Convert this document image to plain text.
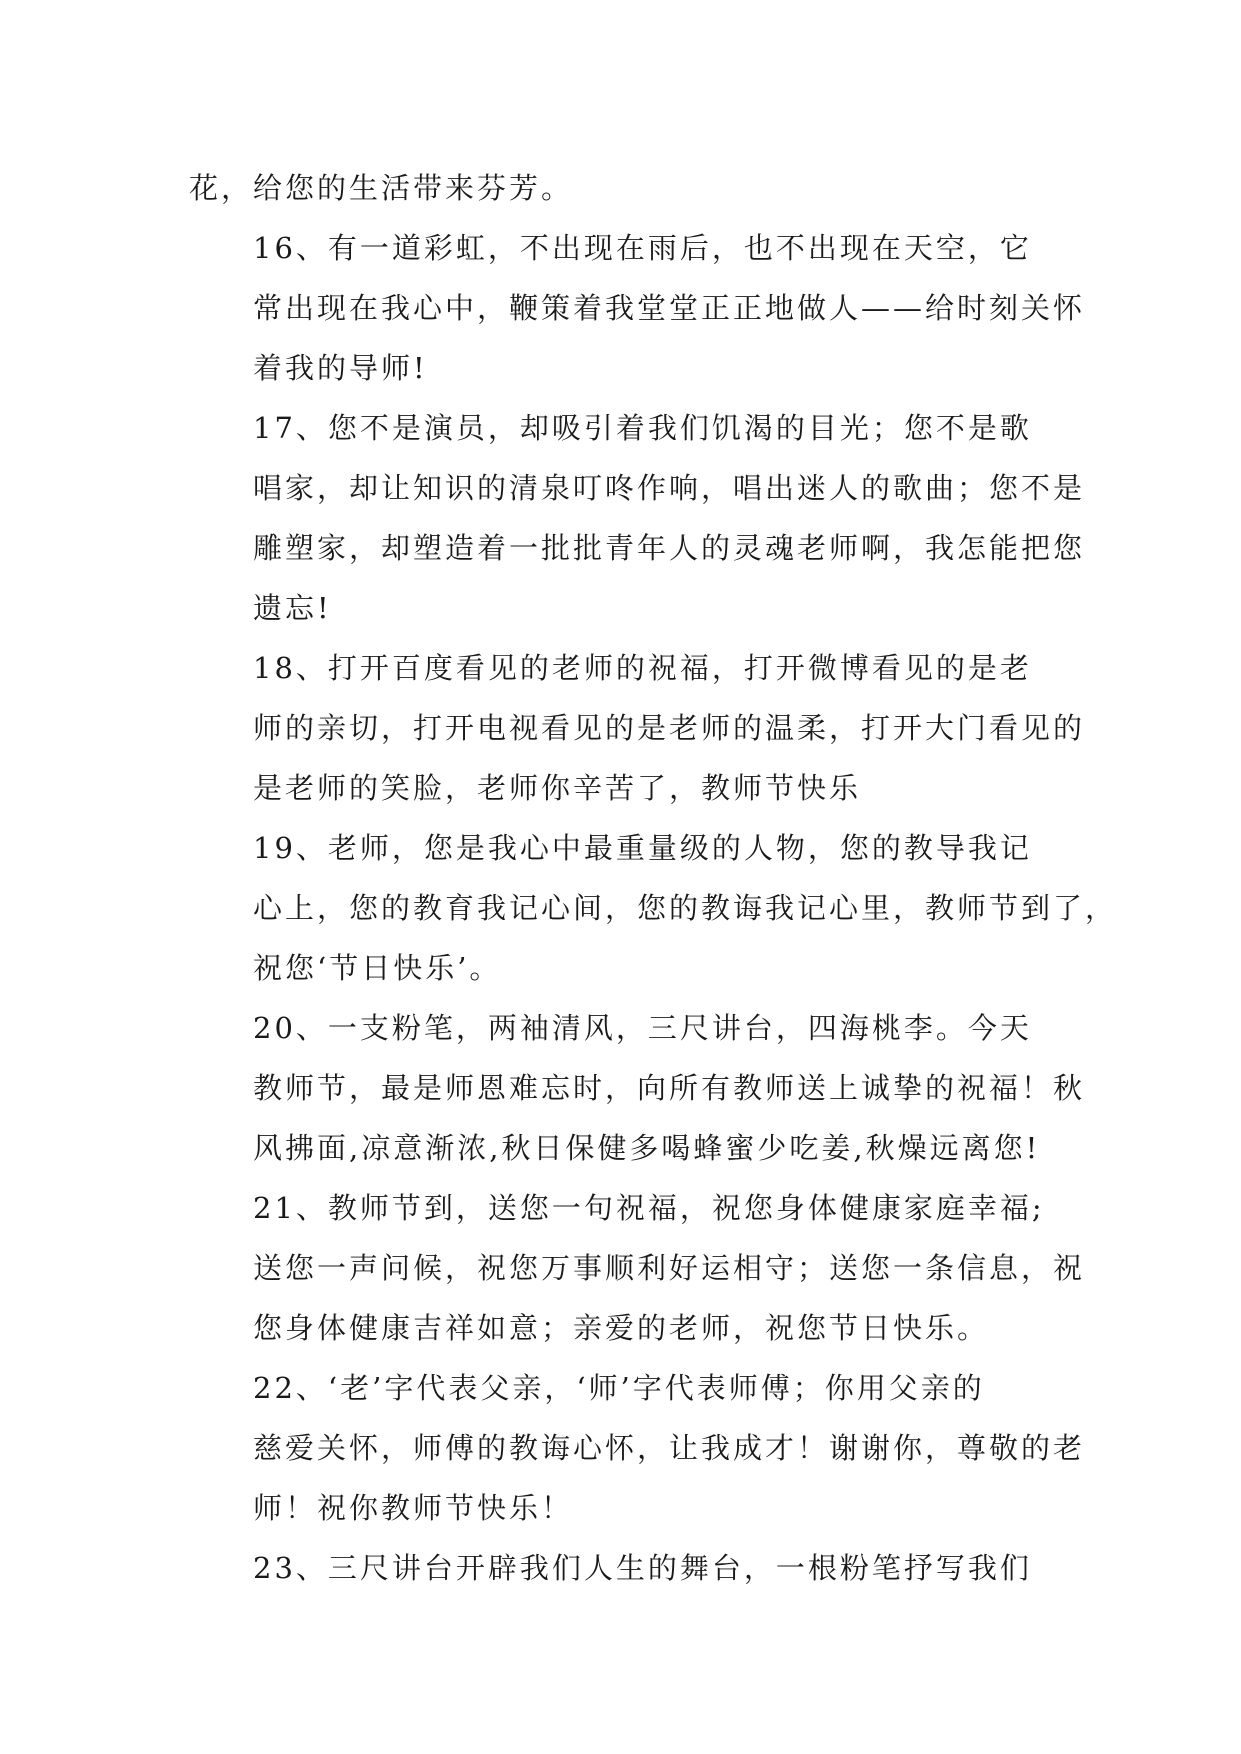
花，给您的生活带来芬芳。

16、有一道彩虹，不出现在雨后，也不出现在天空，它
常出现在我心中，鞭策着我堂堂正正地做人——给时刻关怀
着我的导师!

17、您不是演员，却吸引着我们饥渴的目光；您不是歌
唱家，却让知识的清泉叮咚作响，唱出迷人的歌曲；您不是
雕塑家，却塑造着一批批青年人的灵魂老师啊，我怎能把您
遗忘!

18、打开百度看见的老师的祝福，打开微博看见的是老
师的亲切，打开电视看见的是老师的温柔，打开大门看见的
是老师的笑脸，老师你辛苦了，教师节快乐

19、老师，您是我心中最重量级的人物，您的教导我记
心上，您的教育我记心间，您的教诲我记心里，教师节到了，
祝您‘节日快乐’。

20、一支粉笔，两袖清风，三尺讲台，四海桃李。今天
教师节，最是师恩难忘时，向所有教师送上诚挚的祝福！秋
风拂面,凉意渐浓,秋日保健多喝蜂蜜少吃姜,秋燥远离您!

21、教师节到，送您一句祝福，祝您身体健康家庭幸福;
送您一声问候，祝您万事顺利好运相守；送您一条信息，祝
您身体健康吉祥如意；亲爱的老师，祝您节日快乐。

22、‘老’字代表父亲，‘师’字代表师傅；你用父亲的
慈爱关怀，师傅的教诲心怀，让我成才！谢谢你，尊敬的老
师！祝你教师节快乐！

23、三尺讲台开辟我们人生的舞台，一根粉笔抒写我们
